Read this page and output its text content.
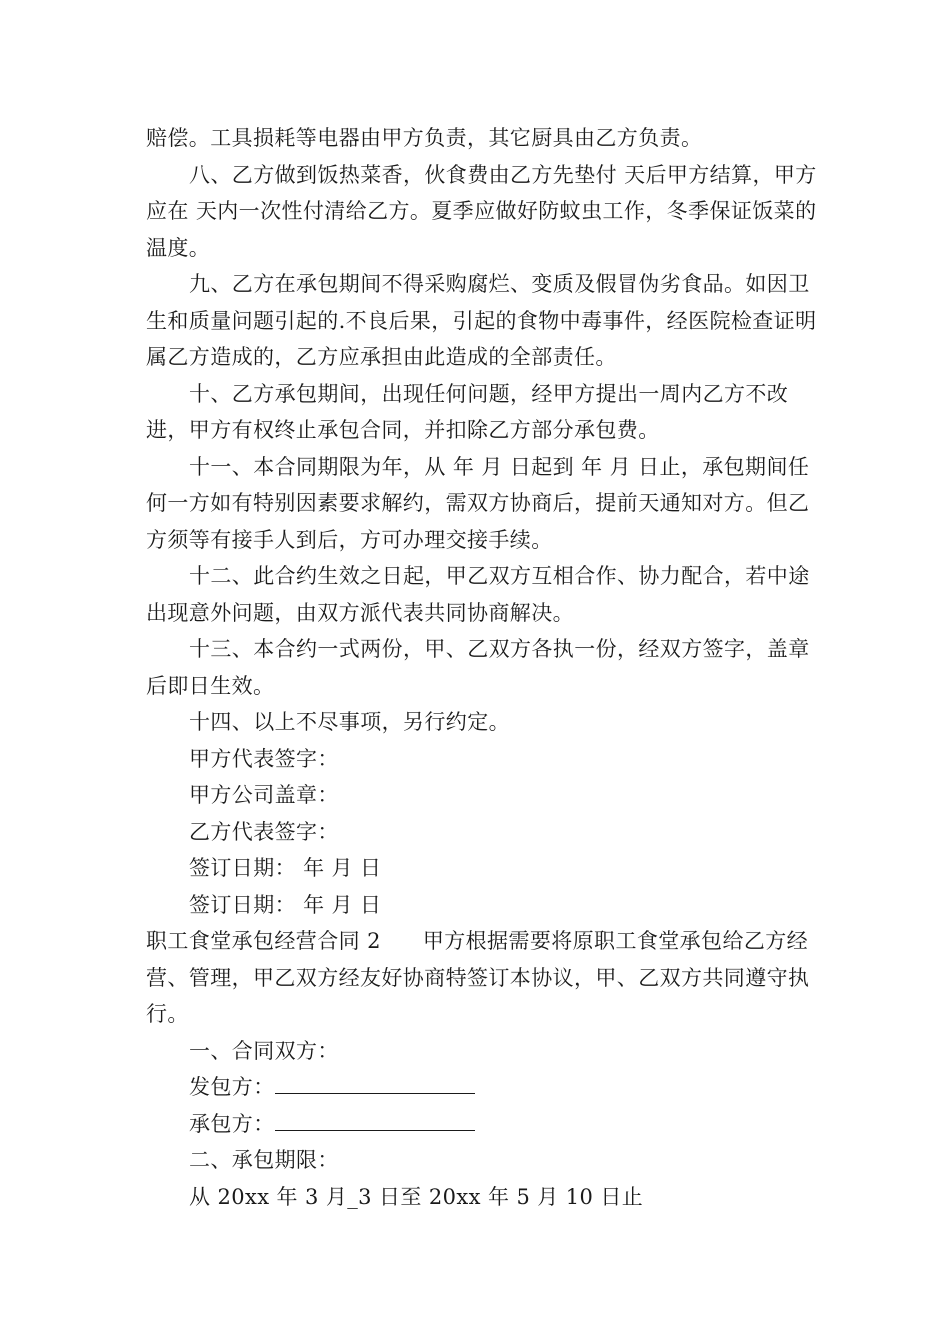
赔偿。工具损耗等电器由甲方负责，其它厨具由乙方负责。

八、乙方做到饭热菜香，伙食费由乙方先垫付 天后甲方结算，甲方应在 天内一次性付清给乙方。夏季应做好防蚊虫工作，冬季保证饭菜的温度。

九、乙方在承包期间不得采购腐烂、变质及假冒伪劣食品。如因卫生和质量问题引起的.不良后果，引起的食物中毒事件，经医院检查证明属乙方造成的，乙方应承担由此造成的全部责任。

十、乙方承包期间，出现任何问题，经甲方提出一周内乙方不改进，甲方有权终止承包合同，并扣除乙方部分承包费。

十一、本合同期限为年，从 年 月 日起到 年 月 日止，承包期间任何一方如有特别因素要求解约，需双方协商后，提前天通知对方。但乙方须等有接手人到后，方可办理交接手续。

十二、此合约生效之日起，甲乙双方互相合作、协力配合，若中途出现意外问题，由双方派代表共同协商解决。

十三、本合约一式两份，甲、乙双方各执一份，经双方签字，盖章后即日生效。

十四、以上不尽事项，另行约定。
甲方代表签字：
甲方公司盖章：
乙方代表签字：
签订日期： 年 月 日
签订日期： 年 月 日

职工食堂承包经营合同 2 甲方根据需要将原职工食堂承包给乙方经营、管理，甲乙双方经友好协商特签订本协议，甲、乙双方共同遵守执行。

一、合同双方：
发包方：
承包方：
二、承包期限：
从 20xx 年 3 月_3 日至 20xx 年 5 月 10 日止
